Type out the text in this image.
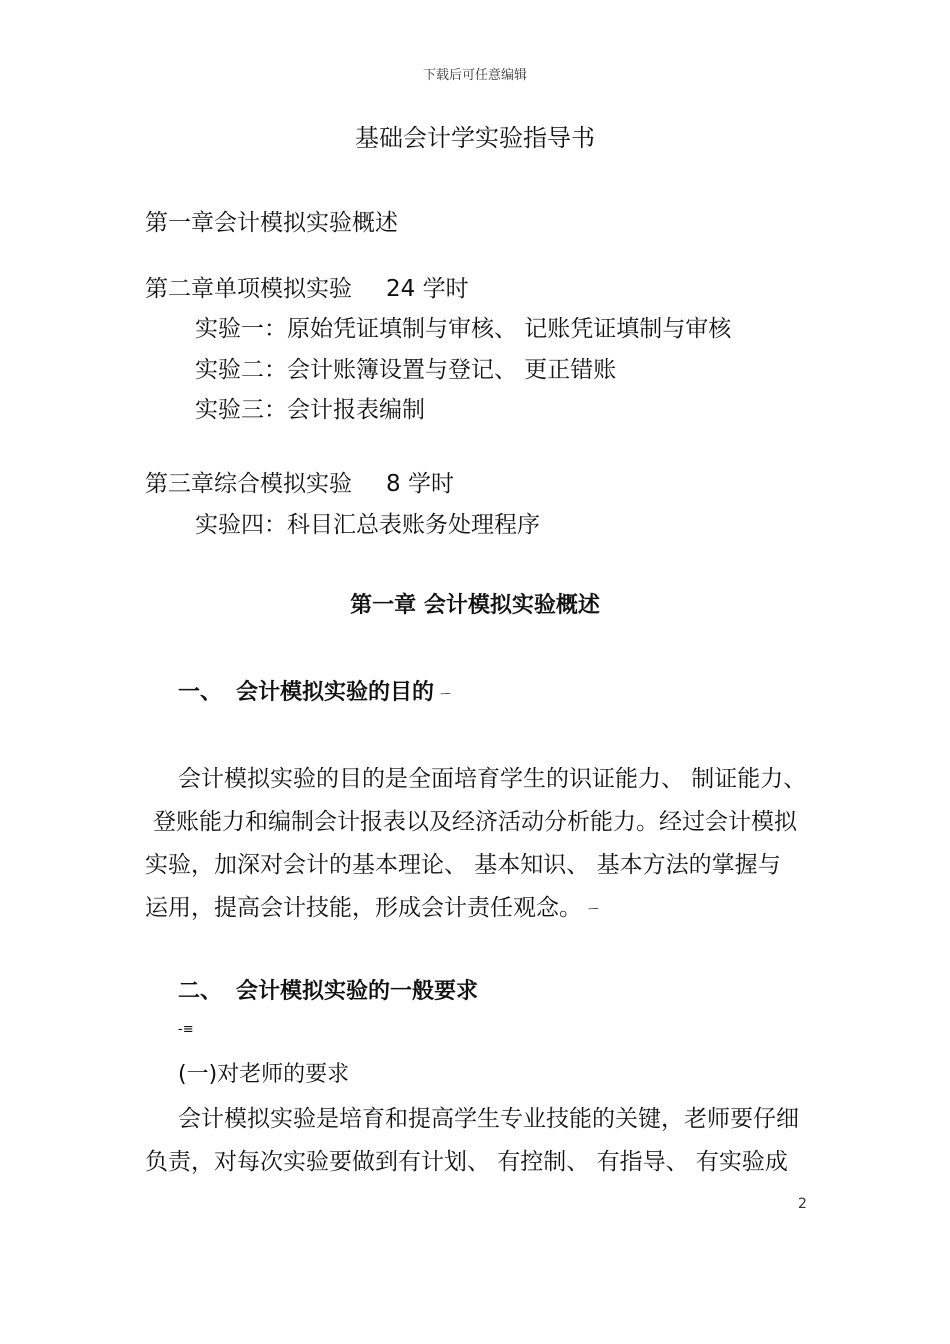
下载后可任意编辑
基础会计学实验指导书
第一章会计模拟实验概述
第二章单项模拟实验 24 学时
实验一：原始凭证填制与审核、 记账凭证填制与审核
实验二：会计账簿设置与登记、 更正错账
实验三：会计报表编制
第三章综合模拟实验 8 学时
实验四：科目汇总表账务处理程序
第一章 会计模拟实验概述
一、 会计模拟实验的目的 ㄧ
会计模拟实验的目的是全面培育学生的识证能力、 制证能力、
登账能力和编制会计报表以及经济活动分析能力。经过会计模拟
实验，加深对会计的基本理论、 基本知识、 基本方法的掌握与
运用，提高会计技能，形成会计责任观念。 ㄧ
二、 会计模拟实验的一般要求
-≡
(一)对老师的要求
会计模拟实验是培育和提高学生专业技能的关键，老师要仔细
负责，对每次实验要做到有计划、 有控制、 有指导、 有实验成
2
